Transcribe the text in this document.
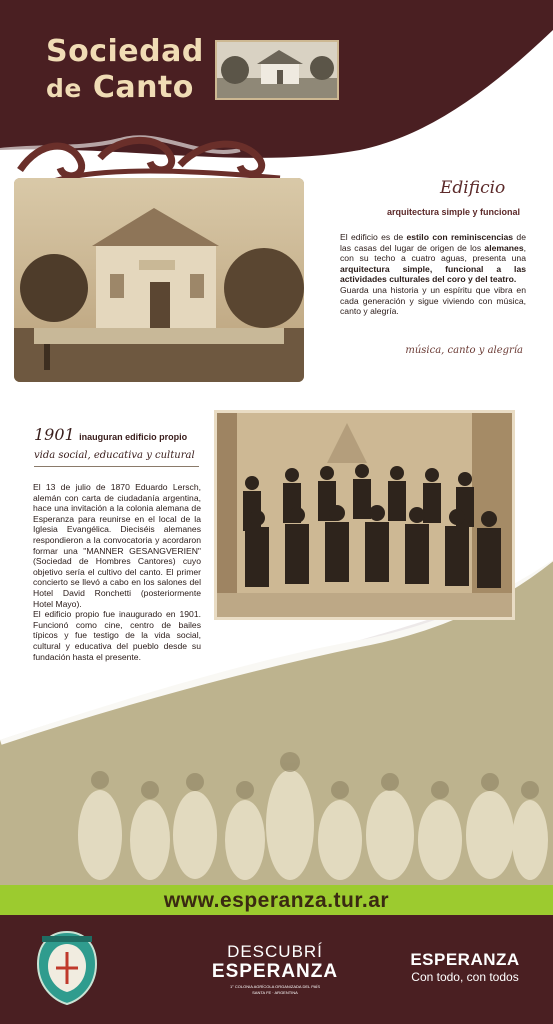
Sociedad
de Canto
Edificio
arquitectura simple y funcional
El edificio es de estilo con reminiscencias de las casas del lugar de origen de los alemanes, con su techo a cuatro aguas, presenta una arquitectura simple, funcional a las actividades culturales del coro y del teatro.
Guarda una historia y un espíritu que vibra en cada generación y sigue viviendo con música, canto y alegría.
música, canto y alegría
1901 inauguran edificio propio
vida social, educativa y cultural
El 13 de julio de 1870 Eduardo Lersch, alemán con carta de ciudadanía argentina, hace una invitación a la colonia alemana de Esperanza para reunirse en el local de la Iglesia Evangélica. Dieciséis alemanes respondieron a la convocatoria y acordaron formar una "MANNER GESANGVERIEN"(Sociedad de Hombres Cantores) cuyo objetivo sería el cultivo del canto. El primer concierto se llevó a cabo en los salones del Hotel David Ronchetti (posteriormente Hotel Mayo).
El edificio propio fue inaugurado en 1901. Funcionó como cine, centro de bailes típicos y fue testigo de la vida social, cultural y educativa del pueblo desde su fundación hasta el presente.
www.esperanza.tur.ar
DESCUBRÍ
ESPERANZA
1° COLONIA AGRÍCOLA ORGANIZADA DEL PAÍS
SANTA FE · ARGENTINA
ESPERANZA
Con todo, con todos
